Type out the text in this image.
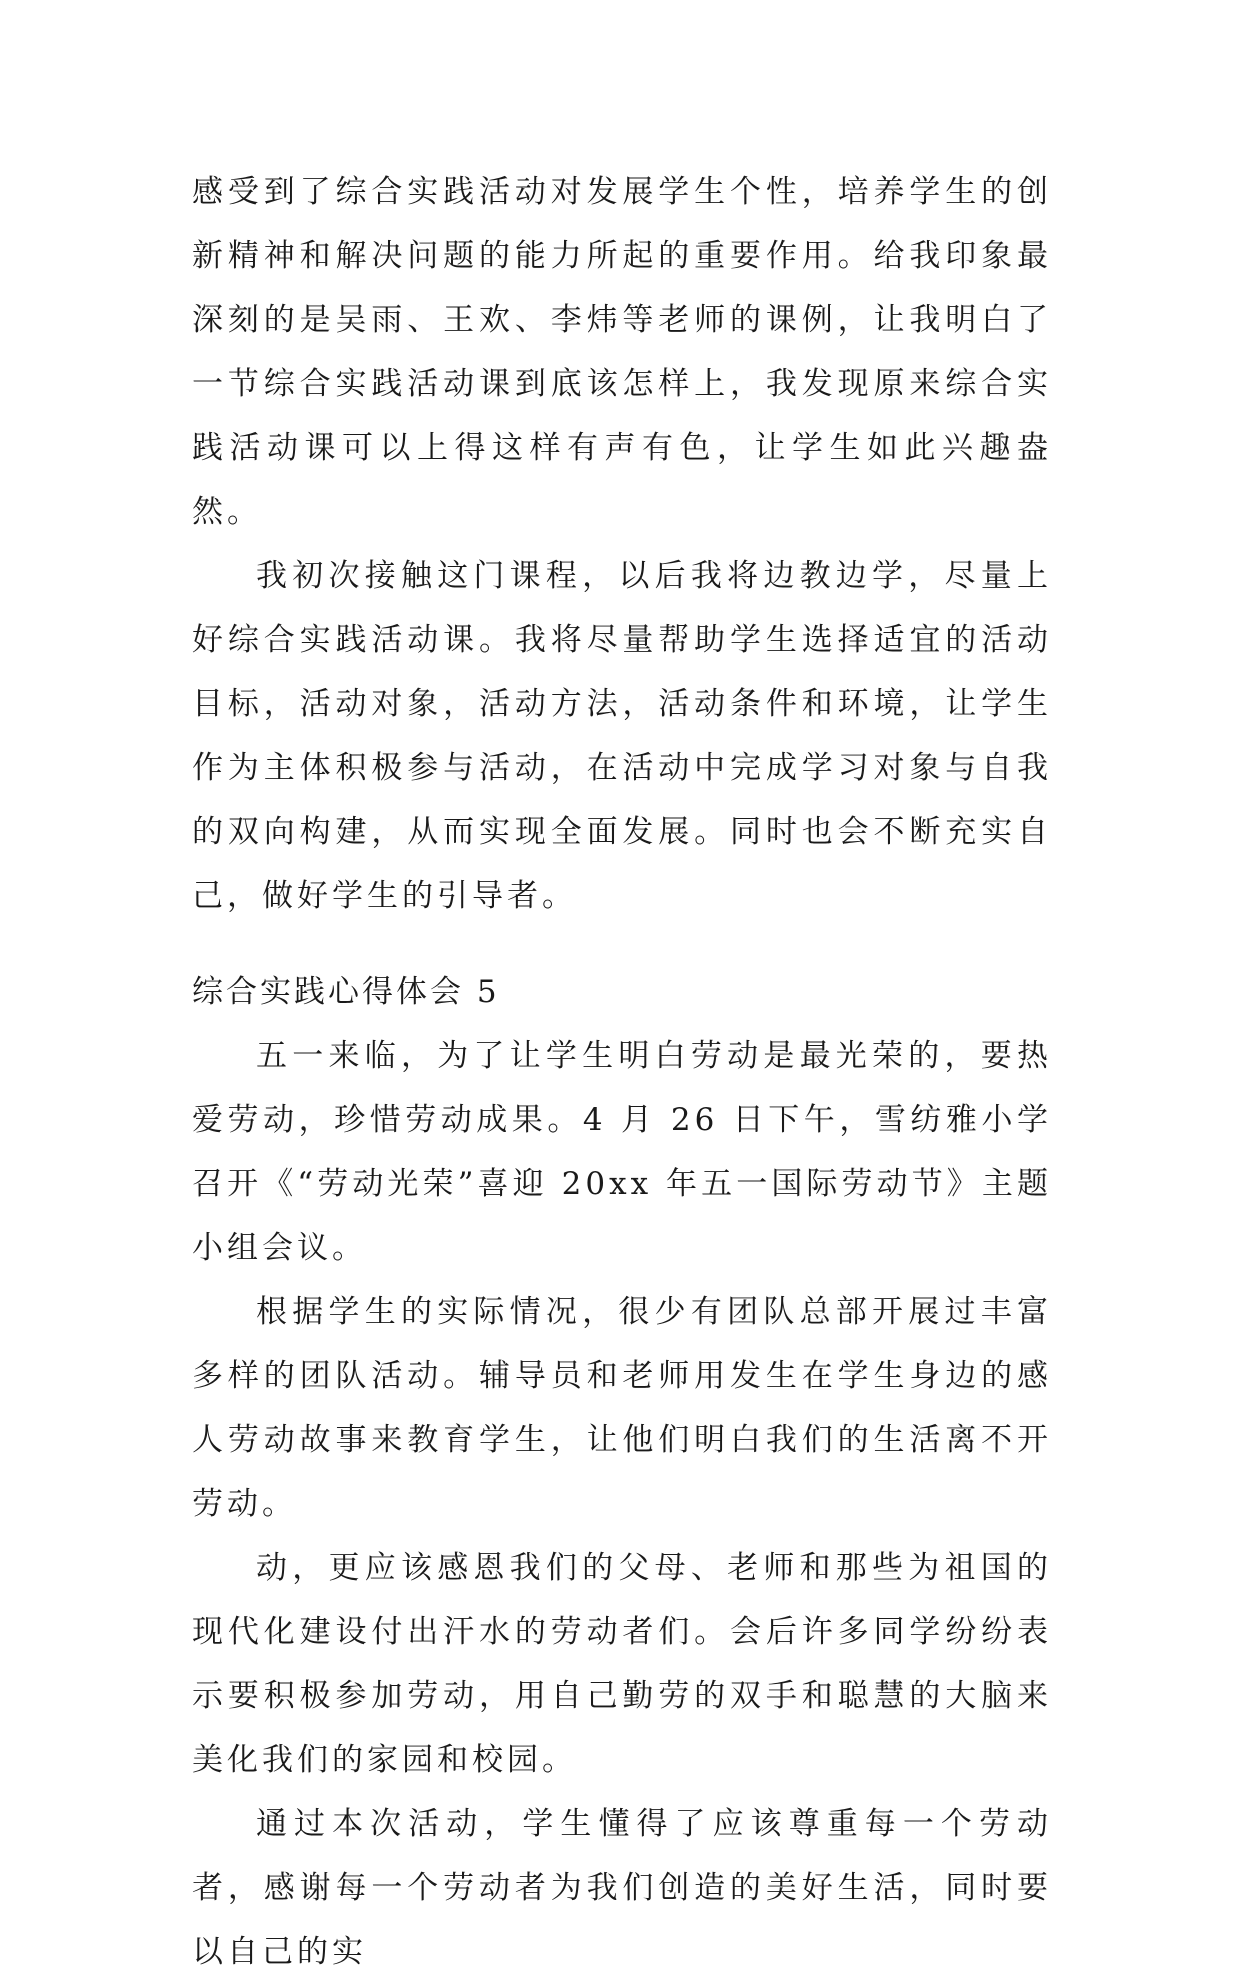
感受到了综合实践活动对发展学生个性，培养学生的创新精神和解决问题的能力所起的重要作用。给我印象最深刻的是吴雨、王欢、李炜等老师的课例，让我明白了一节综合实践活动课到底该怎样上，我发现原来综合实践活动课可以上得这样有声有色，让学生如此兴趣盎然。

我初次接触这门课程，以后我将边教边学，尽量上好综合实践活动课。我将尽量帮助学生选择适宜的活动目标，活动对象，活动方法，活动条件和环境，让学生作为主体积极参与活动，在活动中完成学习对象与自我的双向构建，从而实现全面发展。同时也会不断充实自己，做好学生的引导者。

综合实践心得体会 5

五一来临，为了让学生明白劳动是最光荣的，要热爱劳动，珍惜劳动成果。4 月 26 日下午，雪纺雅小学召开《“劳动光荣”喜迎 20xx 年五一国际劳动节》主题小组会议。

根据学生的实际情况，很少有团队总部开展过丰富多样的团队活动。辅导员和老师用发生在学生身边的感人劳动故事来教育学生，让他们明白我们的生活离不开劳动。

动，更应该感恩我们的父母、老师和那些为祖国的现代化建设付出汗水的劳动者们。会后许多同学纷纷表示要积极参加劳动，用自己勤劳的双手和聪慧的大脑来美化我们的家园和校园。

通过本次活动，学生懂得了应该尊重每一个劳动者，感谢每一个劳动者为我们创造的美好生活，同时要以自己的实
